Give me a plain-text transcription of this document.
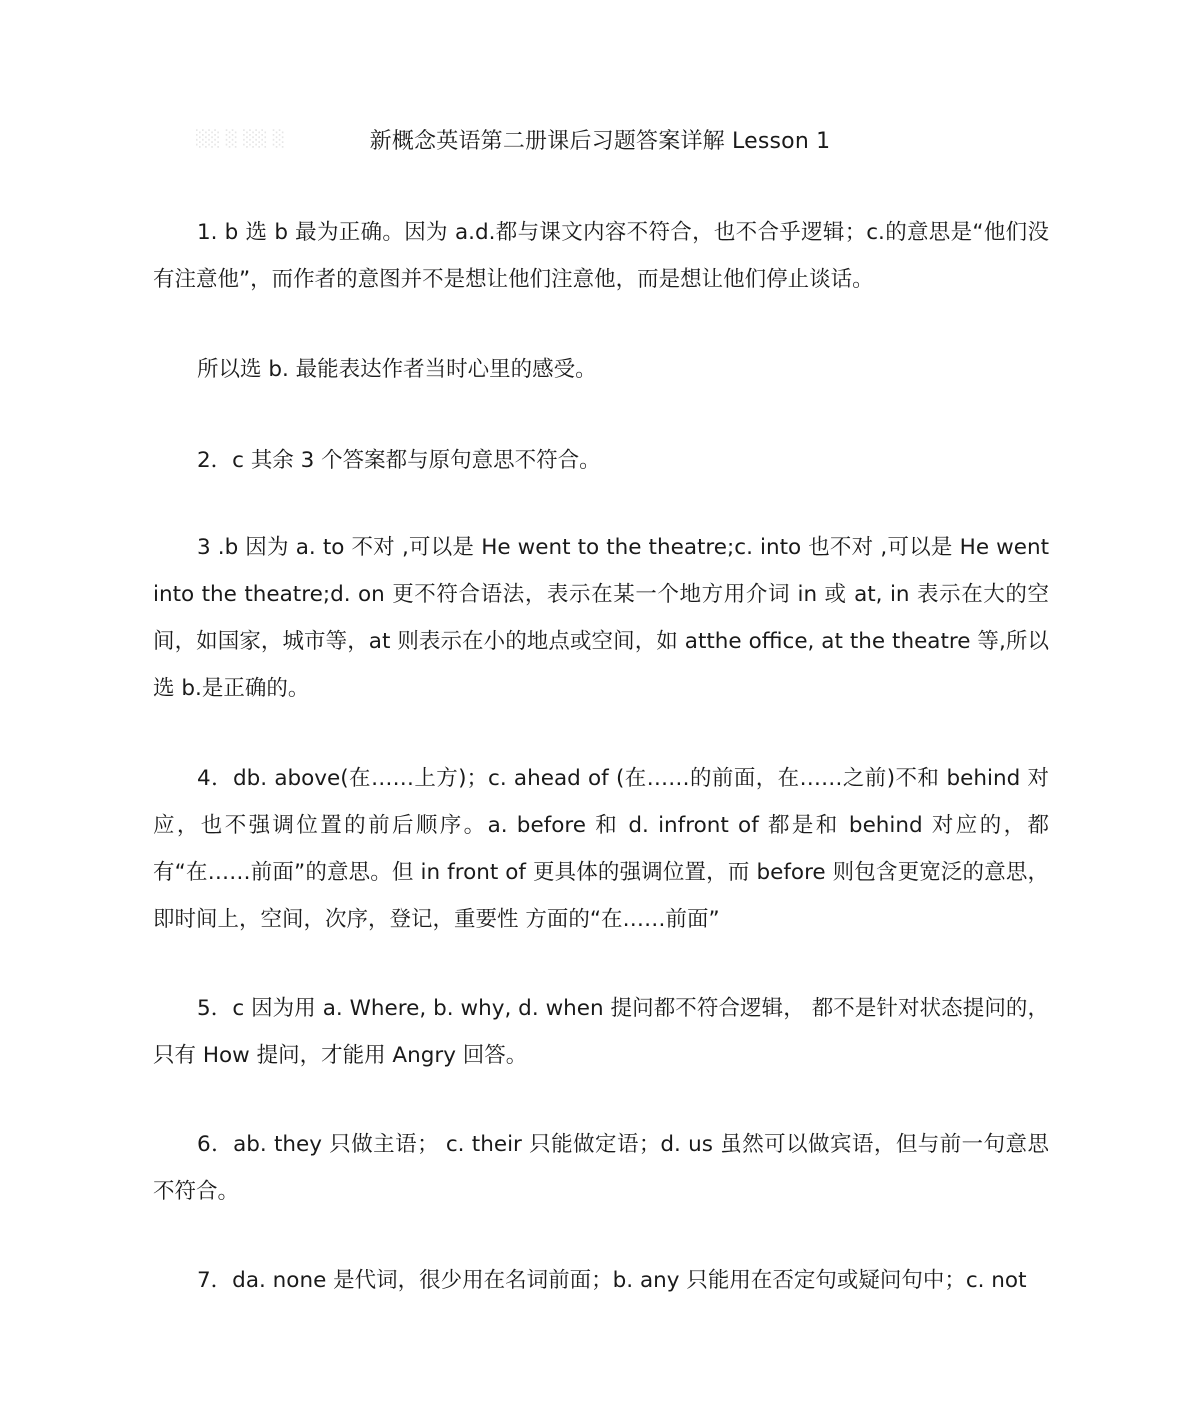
░░ ░ ░░ ░	新概念英语第二册课后习题答案详解 Lesson 1

1. b 选 b 最为正确。因为 a.d.都与课文内容不符合，也不合乎逻辑；c.的意思是“他们没有注意他”，而作者的意图并不是想让他们注意他，而是想让他们停止谈话。

所以选 b. 最能表达作者当时心里的感受。

2．c 其余 3 个答案都与原句意思不符合。

3 .b 因为 a. to 不对 ,可以是 He went to the theatre;c. into 也不对 ,可以是 He went into the theatre;d. on 更不符合语法，表示在某一个地方用介词 in 或 at, in 表示在大的空间，如国家，城市等，at 则表示在小的地点或空间，如 atthe office, at the theatre 等,所以选 b.是正确的。

4．db. above(在……上方)；c. ahead of (在……的前面，在……之前)不和 behind 对应，也不强调位置的前后顺序。a. before 和 d. infront of 都是和 behind 对应的，都有“在……前面”的意思。但 in front of 更具体的强调位置，而 before 则包含更宽泛的意思，即时间上，空间，次序，登记，重要性 方面的“在……前面”

5．c 因为用 a. Where, b. why, d. when 提问都不符合逻辑， 都不是针对状态提问的，只有 How 提问，才能用 Angry 回答。

6．ab. they 只做主语； c. their 只能做定语；d. us 虽然可以做宾语，但与前一句意思不符合。

7．da. none 是代词，很少用在名词前面；b. any 只能用在否定句或疑问句中；c. not
